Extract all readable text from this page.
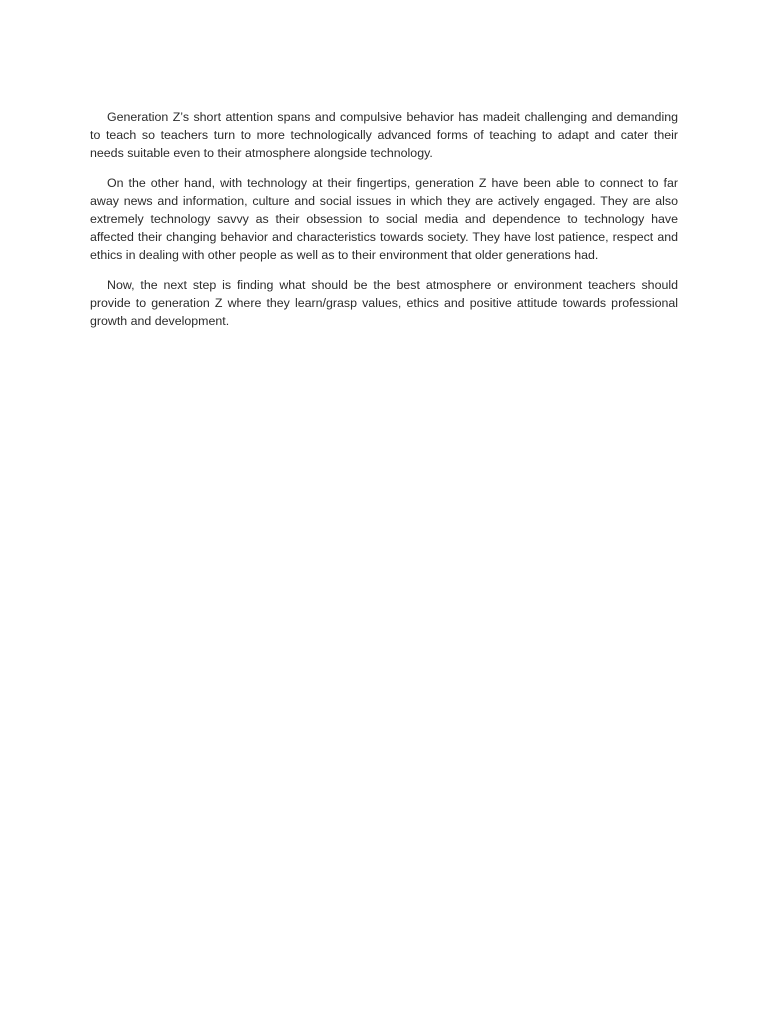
Generation Z’s short attention spans and compulsive behavior has madeit challenging and demanding to teach so teachers turn to more technologically advanced forms of teaching to adapt and cater their needs suitable even to their atmosphere alongside technology.

On the other hand, with technology at their fingertips, generation Z have been able to connect to far away news and information, culture and social issues in which they are actively engaged. They are also extremely technology savvy as their obsession to social media and dependence to technology have affected their changing behavior and characteristics towards society. They have lost patience, respect and ethics in dealing with other people as well as to their environment that older generations had.

Now, the next step is finding what should be the best atmosphere or environment teachers should provide to generation Z where they learn/grasp values, ethics and positive attitude towards professional growth and development.
